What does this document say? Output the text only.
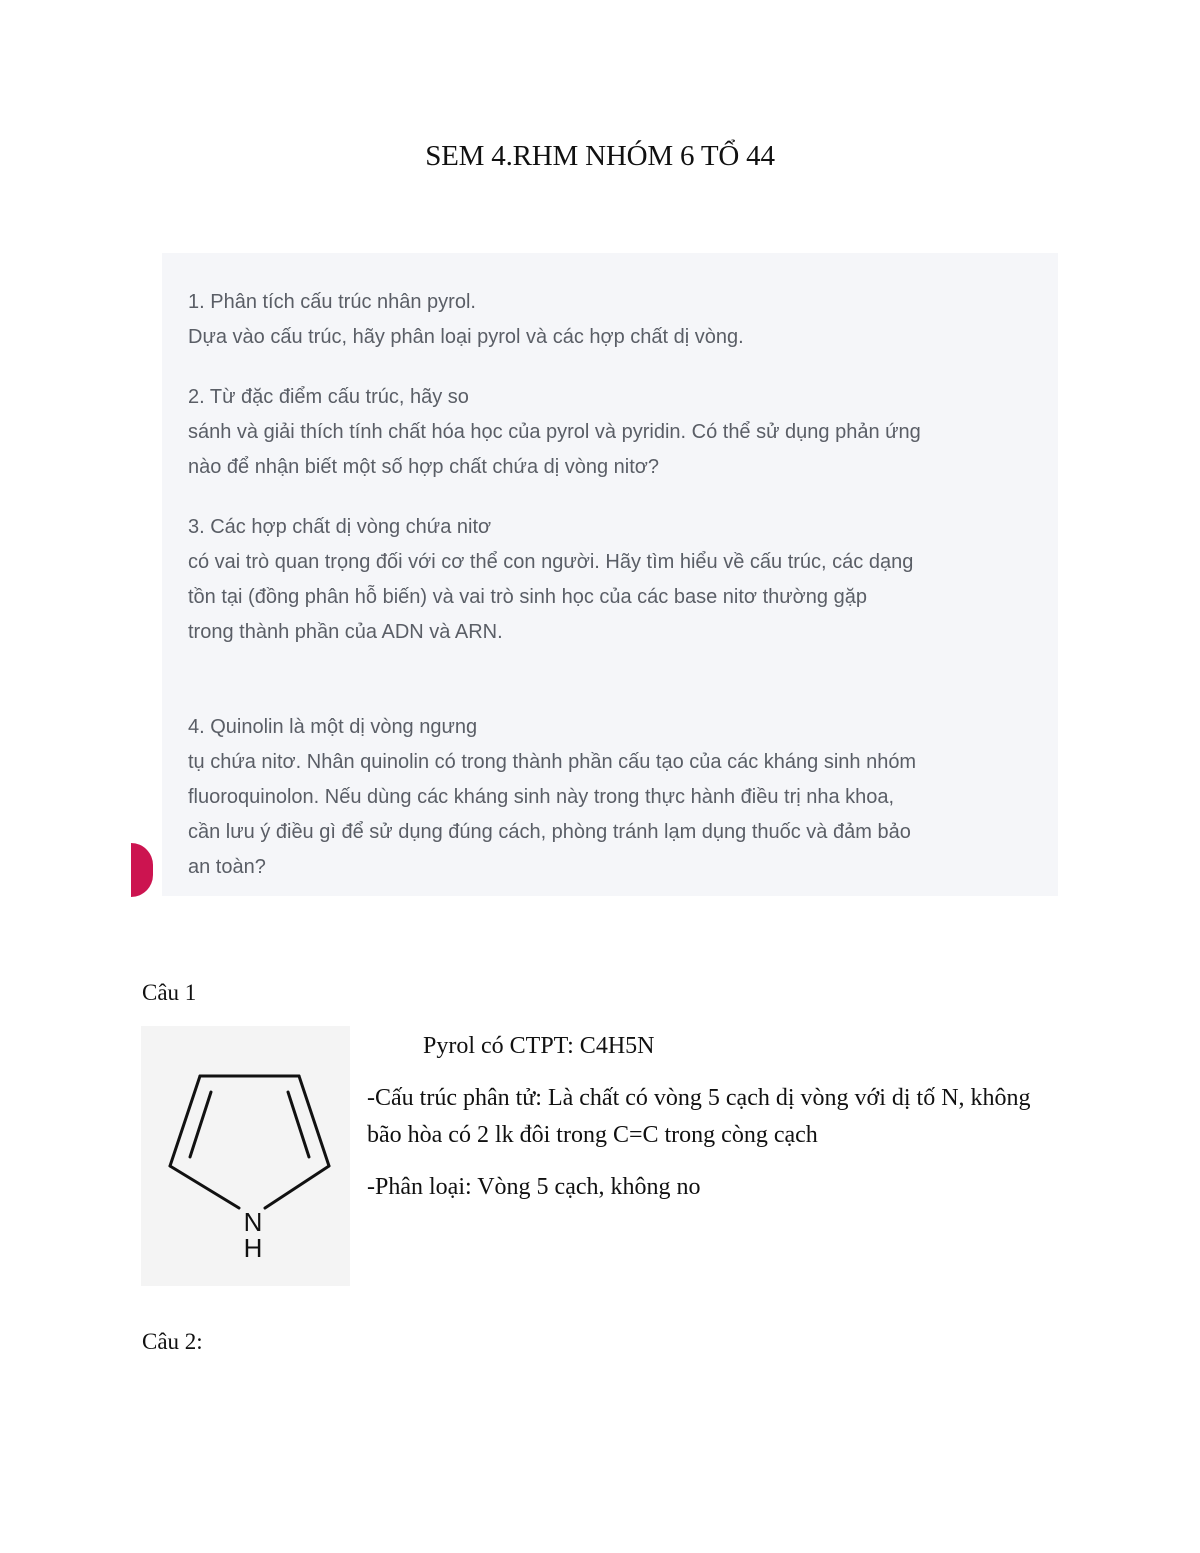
SEM 4.RHM NHÓM 6 TỔ 44
1. Phân tích cấu trúc nhân pyrol.
Dựa vào cấu trúc, hãy phân loại pyrol và các hợp chất dị vòng.
2. Từ đặc điểm cấu trúc, hãy so
sánh và giải thích tính chất hóa học của pyrol và pyridin. Có thể sử dụng phản ứng
nào để nhận biết một số hợp chất chứa dị vòng nitơ?
3. Các hợp chất dị vòng chứa nitơ
có vai trò quan trọng đối với cơ thể con người. Hãy tìm hiểu về cấu trúc, các dạng
tồn tại (đồng phân hỗ biến) và vai trò sinh học của các base nitơ thường gặp
trong thành phần của ADN và ARN.
4. Quinolin là một dị vòng ngưng
tụ chứa nitơ. Nhân quinolin có trong thành phần cấu tạo của các kháng sinh nhóm
fluoroquinolon. Nếu dùng các kháng sinh này trong thực hành điều trị nha khoa,
cần lưu ý điều gì để sử dụng đúng cách, phòng tránh lạm dụng thuốc và đảm bảo
an toàn?
Câu 1
N
H
Pyrol có CTPT: C4H5N
-Cấu trúc phân tử: Là chất có vòng 5 cạch dị vòng với dị tố N, không bão hòa có 2 lk đôi trong C=C trong còng cạch
-Phân loại: Vòng 5 cạch, không no
Câu 2:
